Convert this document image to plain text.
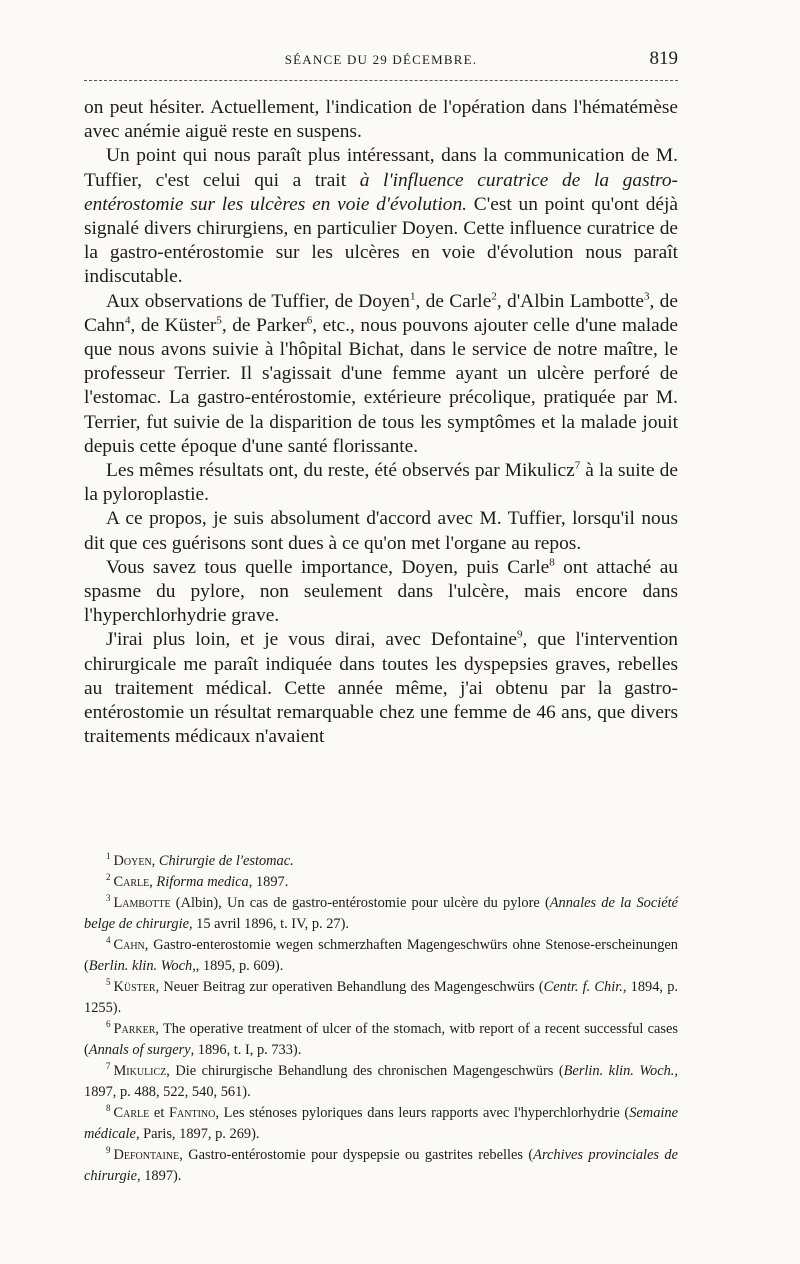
SÉANCE DU 29 DÉCEMBRE.	819

on peut hésiter. Actuellement, l'indication de l'opération dans l'hématémèse avec anémie aiguë reste en suspens.

Un point qui nous paraît plus intéressant, dans la communication de M. Tuffier, c'est celui qui a trait à l'influence curatrice de la gastro-entérostomie sur les ulcères en voie d'évolution. C'est un point qu'ont déjà signalé divers chirurgiens, en particulier Doyen. Cette influence curatrice de la gastro-entérostomie sur les ulcères en voie d'évolution nous paraît indiscutable.

Aux observations de Tuffier, de Doyen$^1$, de Carle$^2$, d'Albin Lambotte$^3$, de Cahn$^4$, de Küster$^5$, de Parker$^6$, etc., nous pouvons ajouter celle d'une malade que nous avons suivie à l'hôpital Bichat, dans le service de notre maître, le professeur Terrier. Il s'agissait d'une femme ayant un ulcère perforé de l'estomac. La gastro-entérostomie, extérieure précolique, pratiquée par M. Terrier, fut suivie de la disparition de tous les symptômes et la malade jouit depuis cette époque d'une santé florissante.

Les mêmes résultats ont, du reste, été observés par Mikulicz$^7$ à la suite de la pyloroplastie.

A ce propos, je suis absolument d'accord avec M. Tuffier, lorsqu'il nous dit que ces guérisons sont dues à ce qu'on met l'organe au repos.

Vous savez tous quelle importance, Doyen, puis Carle$^8$ ont attaché au spasme du pylore, non seulement dans l'ulcère, mais encore dans l'hyperchlorhydrie grave.

J'irai plus loin, et je vous dirai, avec Defontaine$^9$, que l'intervention chirurgicale me paraît indiquée dans toutes les dyspepsies graves, rebelles au traitement médical. Cette année même, j'ai obtenu par la gastro-entérostomie un résultat remarquable chez une femme de 46 ans, que divers traitements médicaux n'avaient

$^1$ Doyen, Chirurgie de l'estomac.

$^2$ Carle, Riforma medica, 1897.

$^3$ Lambotte (Albin), Un cas de gastro-entérostomie pour ulcère du pylore (Annales de la Société belge de chirurgie, 15 avril 1896, t. IV, p. 27).

$^4$ Cahn, Gastro-enterostomie wegen schmerzhaften Magengeschwürs ohne Stenose-erscheinungen (Berlin. klin. Woch,, 1895, p. 609).

$^5$ Küster, Neuer Beitrag zur operativen Behandlung des Magengeschwürs (Centr. f. Chir., 1894, p. 1255).

$^6$ Parker, The operative treatment of ulcer of the stomach, witb report of a recent successful cases (Annals of surgery, 1896, t. I, p. 733).

$^7$ Mikulicz, Die chirurgische Behandlung des chronischen Magengeschwürs (Berlin. klin. Woch., 1897, p. 488, 522, 540, 561).

$^8$ Carle et Fantino, Les sténoses pyloriques dans leurs rapports avec l'hyperchlorhydrie (Semaine médicale, Paris, 1897, p. 269).

$^9$ Defontaine, Gastro-entérostomie pour dyspepsie ou gastrites rebelles (Archives provinciales de chirurgie, 1897).
